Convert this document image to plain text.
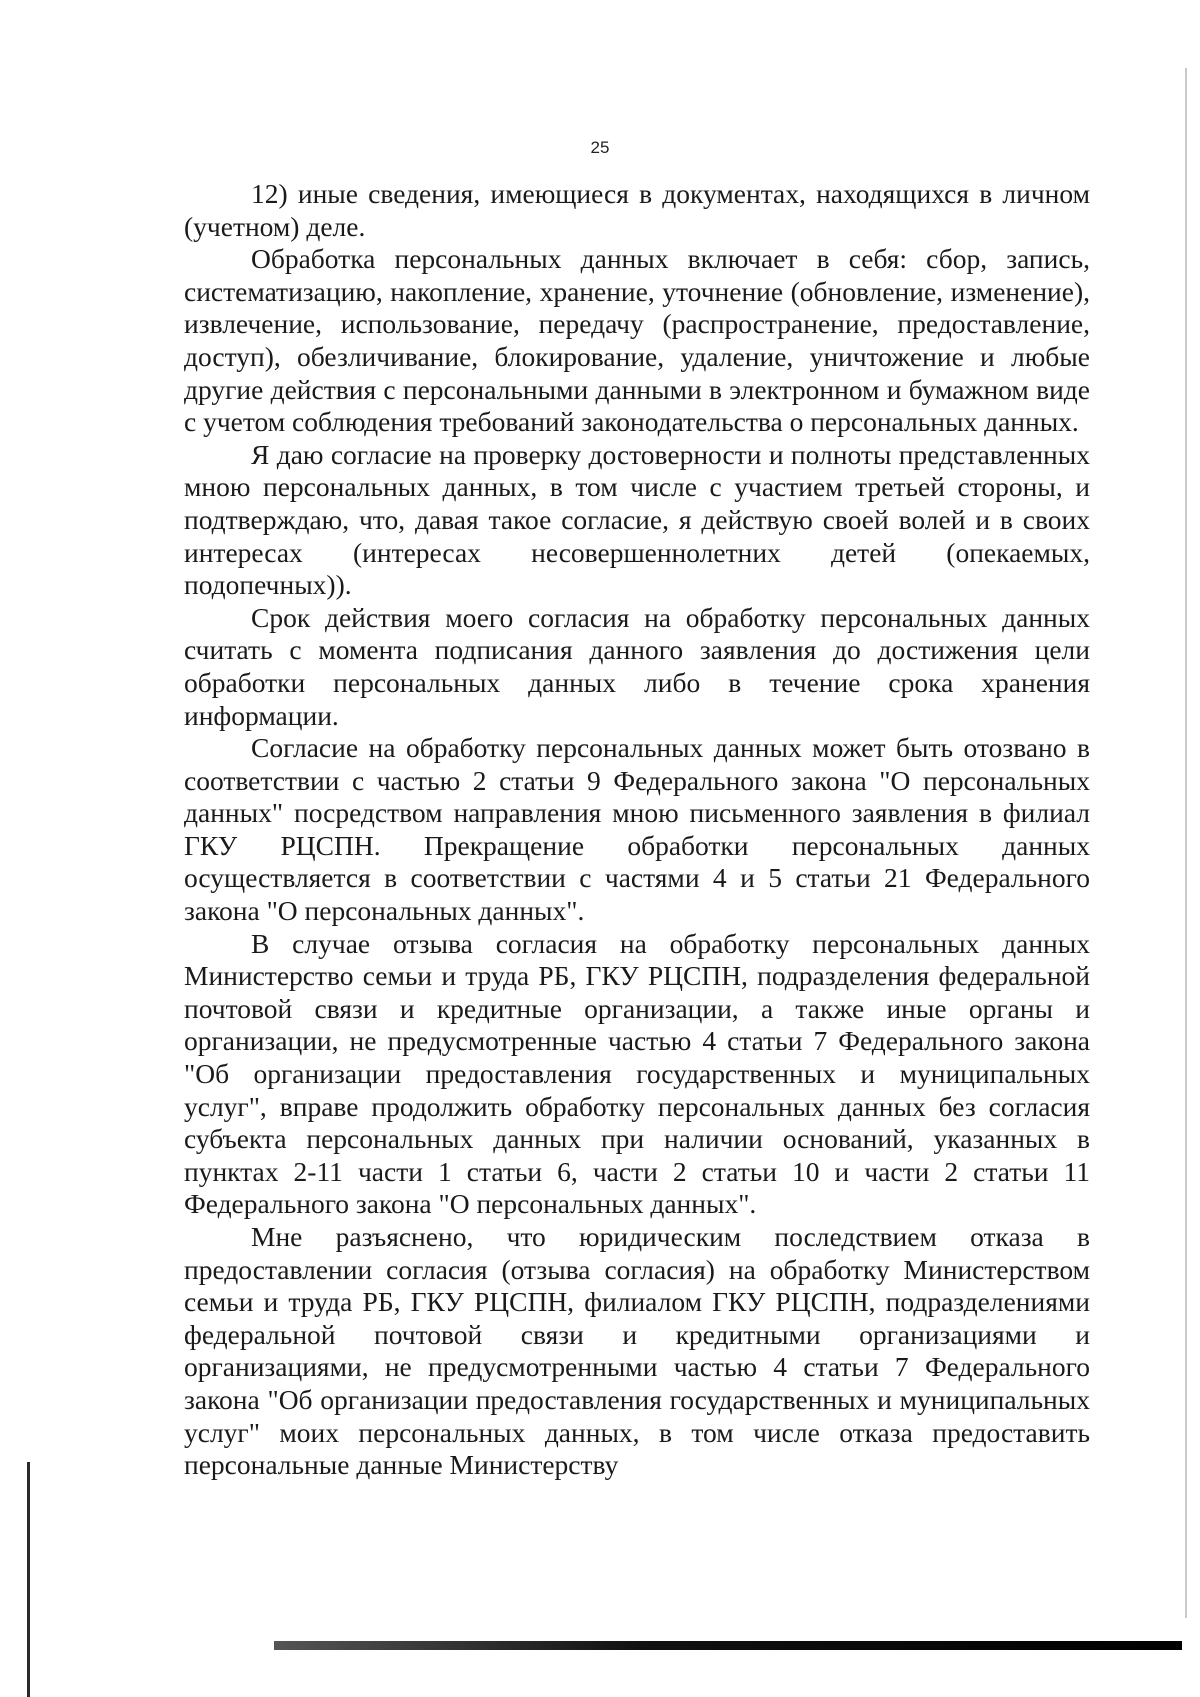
25

12) иные сведения, имеющиеся в документах, находящихся в личном (учетном) деле.

Обработка персональных данных включает в себя: сбор, запись, систематизацию, накопление, хранение, уточнение (обновление, изменение), извлечение, использование, передачу (распространение, предоставление, доступ), обезличивание, блокирование, удаление, уничтожение и любые другие действия с персональными данными в электронном и бумажном виде с учетом соблюдения требований законодательства о персональных данных.

Я даю согласие на проверку достоверности и полноты представленных мною персональных данных, в том числе с участием третьей стороны, и подтверждаю, что, давая такое согласие, я действую своей волей и в своих интересах (интересах несовершеннолетних детей (опекаемых, подопечных)).

Срок действия моего согласия на обработку персональных данных считать с момента подписания данного заявления до достижения цели обработки персональных данных либо в течение срока хранения информации.

Согласие на обработку персональных данных может быть отозвано в соответствии с частью 2 статьи 9 Федерального закона "О персональных данных" посредством направления мною письменного заявления в филиал ГКУ РЦСПН. Прекращение обработки персональных данных осуществляется в соответствии с частями 4 и 5 статьи 21 Федерального закона "О персональных данных".

В случае отзыва согласия на обработку персональных данных Министерство семьи и труда РБ, ГКУ РЦСПН, подразделения федеральной почтовой связи и кредитные организации, а также иные органы и организации, не предусмотренные частью 4 статьи 7 Федерального закона "Об организации предоставления государственных и муниципальных услуг", вправе продолжить обработку персональных данных без согласия субъекта персональных данных при наличии оснований, указанных в пунктах 2-11 части 1 статьи 6, части 2 статьи 10 и части 2 статьи 11 Федерального закона "О персональных данных".

Мне разъяснено, что юридическим последствием отказа в предоставлении согласия (отзыва согласия) на обработку Министерством семьи и труда РБ, ГКУ РЦСПН, филиалом ГКУ РЦСПН, подразделениями федеральной почтовой связи и кредитными организациями и организациями, не предусмотренными частью 4 статьи 7 Федерального закона "Об организации предоставления государственных и муниципальных услуг" моих персональных данных, в том числе отказа предоставить персональные данные Министерству
